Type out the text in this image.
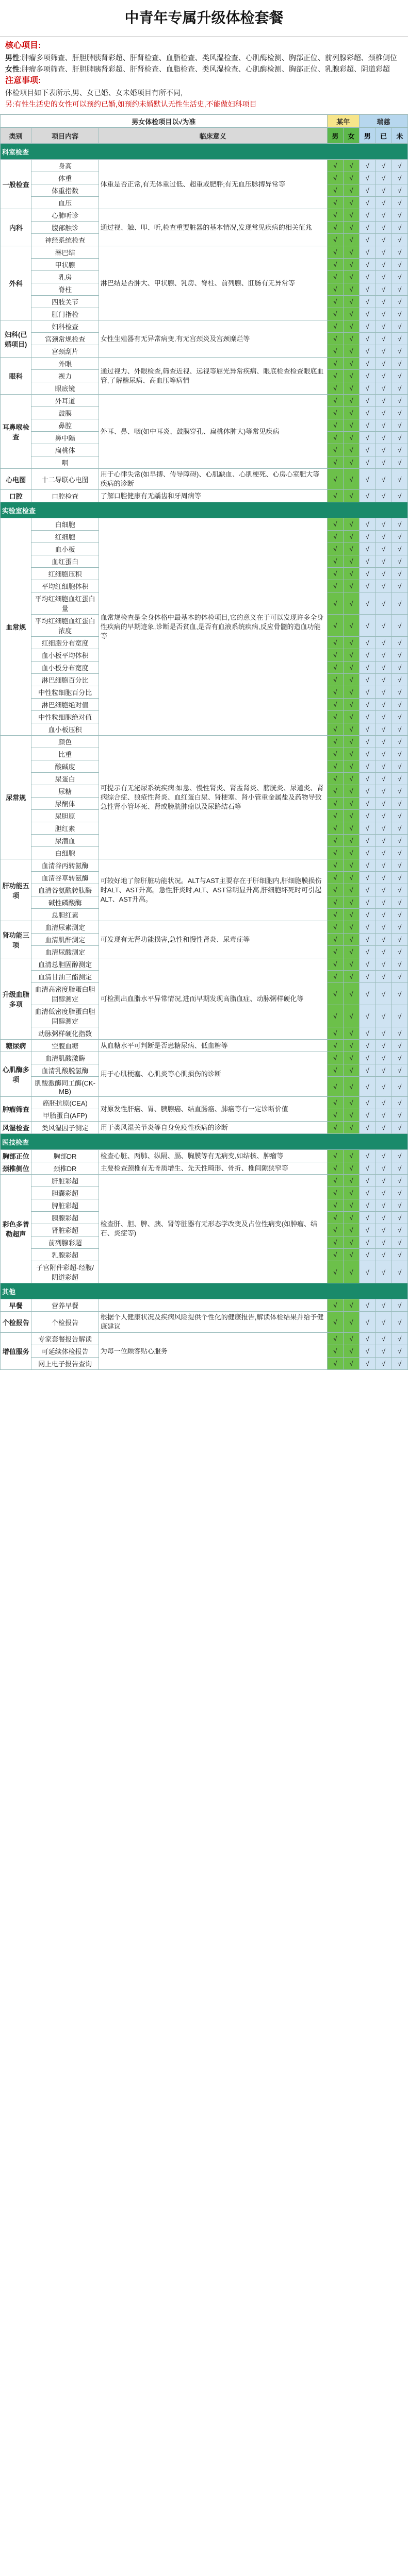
中青年专属升级体检套餐
核心项目:
男性:肿瘤多项筛查、肝胆脾胰肾彩超、肝肾检查、血脂检查、类风湿检查、心肌酶检测、胸部正位、前列腺彩超、颈椎侧位
女性:肿瘤多项筛查、肝胆脾胰肾彩超、肝肾检查、血脂检查、类风湿检查、心肌酶检测、胸部正位、乳腺彩超、阴道彩超
注意事项:
体检项目如下表所示,男、女已婚、女未婚项目有所不同,
另:有性生活史的女性可以预约已婚,如预约未婚默认无性生活史,不能做妇科项目
男女体检项目以√为准			某年		瑞慈		
类别	项目内容	临床意义	男	女	男	已	未
科室检查							
一般检查	身高	体重是否正常,有无体重过低、超重或肥胖;有无血压脉搏异常等	√	√	√	√	√
	体重		√	√	√	√	√
	体重指数		√	√	√	√	√
	血压		√	√	√	√	√
内科	心肺听诊	通过视、触、叩、听,检查重要脏器的基本情况,发现常见疾病的相关征兆	√	√	√	√	√
	腹部触诊		√	√	√	√	√
	神经系统检查		√	√	√	√	√
外科	淋巴结	淋巴结是否肿大、甲状腺、乳房、脊柱、前列腺、肛肠有无异常等	√	√	√	√	√
	甲状腺		√	√	√	√	√
	乳房		√	√	√	√	√
	脊柱		√	√	√	√	√
	四肢关节		√	√	√	√	√
	肛门指检		√	√	√	√	√
妇科(已婚项目)	妇科检查	女性生殖器有无异常病变,有无宫颈炎及宫颈糜烂等	√	√	√	√	√
	宫颈常规检查		√	√	√	√	√
	宫颈刮片		√	√	√	√	√
眼科	外眼	通过视力、外眼检查,筛查近视、远视等屈光异常疾病、眼底检查检查眼底血管,了解糖尿病、高血压等病情	√	√	√	√	√
	视力		√	√	√	√	√
	眼底镜		√	√	√	√	√
耳鼻喉检查	外耳道	外耳、鼻、咽(如中耳炎、鼓膜穿孔、扁桃体肿大)等常见疾病	√	√	√	√	√
	鼓膜		√	√	√	√	√
	鼻腔		√	√	√	√	√
	鼻中隔		√	√	√	√	√
	扁桃体		√	√	√	√	√
	咽		√	√	√	√	√
心电图	十二导联心电图	用于心律失常(如早搏、传导障碍)、心肌缺血、心肌梗死、心房心室肥大等疾病的诊断	√	√	√	√	√
口腔	口腔检查	了解口腔健康有无龋齿和牙周病等	√	√	√	√	√
实验室检查							
血常规	白细胞	血常规检查是全身体格中最基本的体检项目,它的意义在于可以发现许多全身性疾病的早期迹象,诊断是否贫血,是否有血液系统疾病,反应骨髓的造血功能等	√	√	√	√	√
	红细胞		√	√	√	√	√
	血小板		√	√	√	√	√
	血红蛋白		√	√	√	√	√
	红细胞压积		√	√	√	√	√
	平均红细胞体积		√	√	√	√	√
	平均红细胞血红蛋白量		√	√	√	√	√
	平均红细胞血红蛋白浓度		√	√	√	√	√
	红细胞分布宽度		√	√	√	√	√
	血小板平均体积		√	√	√	√	√
	血小板分布宽度		√	√	√	√	√
	淋巴细胞百分比		√	√	√	√	√
	中性粒细胞百分比		√	√	√	√	√
	淋巴细胞绝对值		√	√	√	√	√
	中性粒细胞绝对值		√	√	√	√	√
	血小板压积		√	√	√	√	√
尿常规	颜色	可提示有无泌尿系统疾病:如急、慢性肾炎、肾盂肾炎、膀胱炎、尿道炎、肾病综合症、狼疮性肾炎、血红蛋白尿、肾梗塞、肾小管重金属盐及药物导致急性肾小管坏死、肾或膀胱肿瘤以及尿路结石等	√	√	√	√	√
	比重		√	√	√	√	√
	酸碱度		√	√	√	√	√
	尿蛋白		√	√	√	√	√
	尿糖		√	√	√	√	√
	尿酮体		√	√	√	√	√
	尿胆原		√	√	√	√	√
	胆红素		√	√	√	√	√
	尿潜血		√	√	√	√	√
	白细胞		√	√	√	√	√
肝功能五项	血清谷丙转氨酶	可较好地了解肝脏功能状况。ALT与AST主要存在于肝细胞内,肝细胞膜损伤时ALT、AST升高。急性肝炎时,ALT、AST常明显升高,肝细胞坏死时可引起ALT、AST升高。	√	√	√	√	√
	血清谷草转氨酶		√	√	√	√	√
	血清谷氨酰转肽酶		√	√	√	√	√
	碱性磷酸酶		√	√	√	√	√
	总胆红素		√	√	√	√	√
肾功能三项	血清尿素测定	可发现有无肾功能损害,急性和慢性肾炎、尿毒症等	√	√	√	√	√
	血清肌酐测定		√	√	√	√	√
	血清尿酸测定		√	√	√	√	√
升级血脂多项	血清总胆固醇测定	可检测出血脂水平异常情况,进而早期发现高脂血症、动脉粥样硬化等	√	√	√	√	√
	血清甘油三酯测定		√	√	√	√	√
	血清高密度脂蛋白胆固醇测定		√	√	√	√	√
	血清低密度脂蛋白胆固醇测定		√	√	√	√	√
	动脉粥样硬化指数		√	√	√	√	√
糖尿病	空腹血糖	从血糖水平可判断是否患糖尿病、低血糖等	√	√	√	√	√
心肌酶多项	血清肌酸激酶	用于心肌梗塞、心肌炎等心肌损伤的诊断	√	√	√	√	√
	血清乳酸脱氢酶		√	√	√	√	√
	肌酸激酶同工酶(CK-MB)		√	√	√	√	√
肿瘤筛查	癌胚抗原(CEA)	对原发性肝癌、胃、胰腺癌、结直肠癌、肺癌等有一定诊断价值	√	√	√	√	√
	甲胎蛋白(AFP)		√	√	√	√	√
风湿检查	类风湿因子测定	用于类风湿关节炎等自身免疫性疾病的诊断	√	√	√	√	√
医技检查							
胸部正位	胸部DR	检查心脏、两肺、纵隔、膈、胸膜等有无病变,如结核、肿瘤等	√	√	√	√	√
颈椎侧位	颈椎DR	主要检查颈椎有无骨质增生、先天性畸形、骨折、椎间隙狭窄等	√	√	√	√	√
彩色多普勒超声	肝脏彩超	检查肝、胆、脾、胰、肾等脏器有无形态学改变及占位性病变(如肿瘤、结石、炎症等)	√	√	√	√	√
	胆囊彩超		√	√	√	√	√
	脾脏彩超		√	√	√	√	√
	胰腺彩超		√	√	√	√	√
	肾脏彩超		√	√	√	√	√
	前列腺彩超		√	√	√	√	√
	乳腺彩超		√	√	√	√	√
	子宫附件彩超-经腹/阴道彩超		√	√	√	√	√
其他							
早餐	营养早餐		√	√	√	√	√
个检报告	个检报告	根据个人健康状况及疾病风险提供个性化的健康报告,解读体检结果并给予健康建议	√	√	√	√	√
增值服务	专家套餐报告解读	为每一位顾客贴心服务	√	√	√	√	√
	可延续体检报告		√	√	√	√	√
	网上电子报告查询		√	√	√	√	√
